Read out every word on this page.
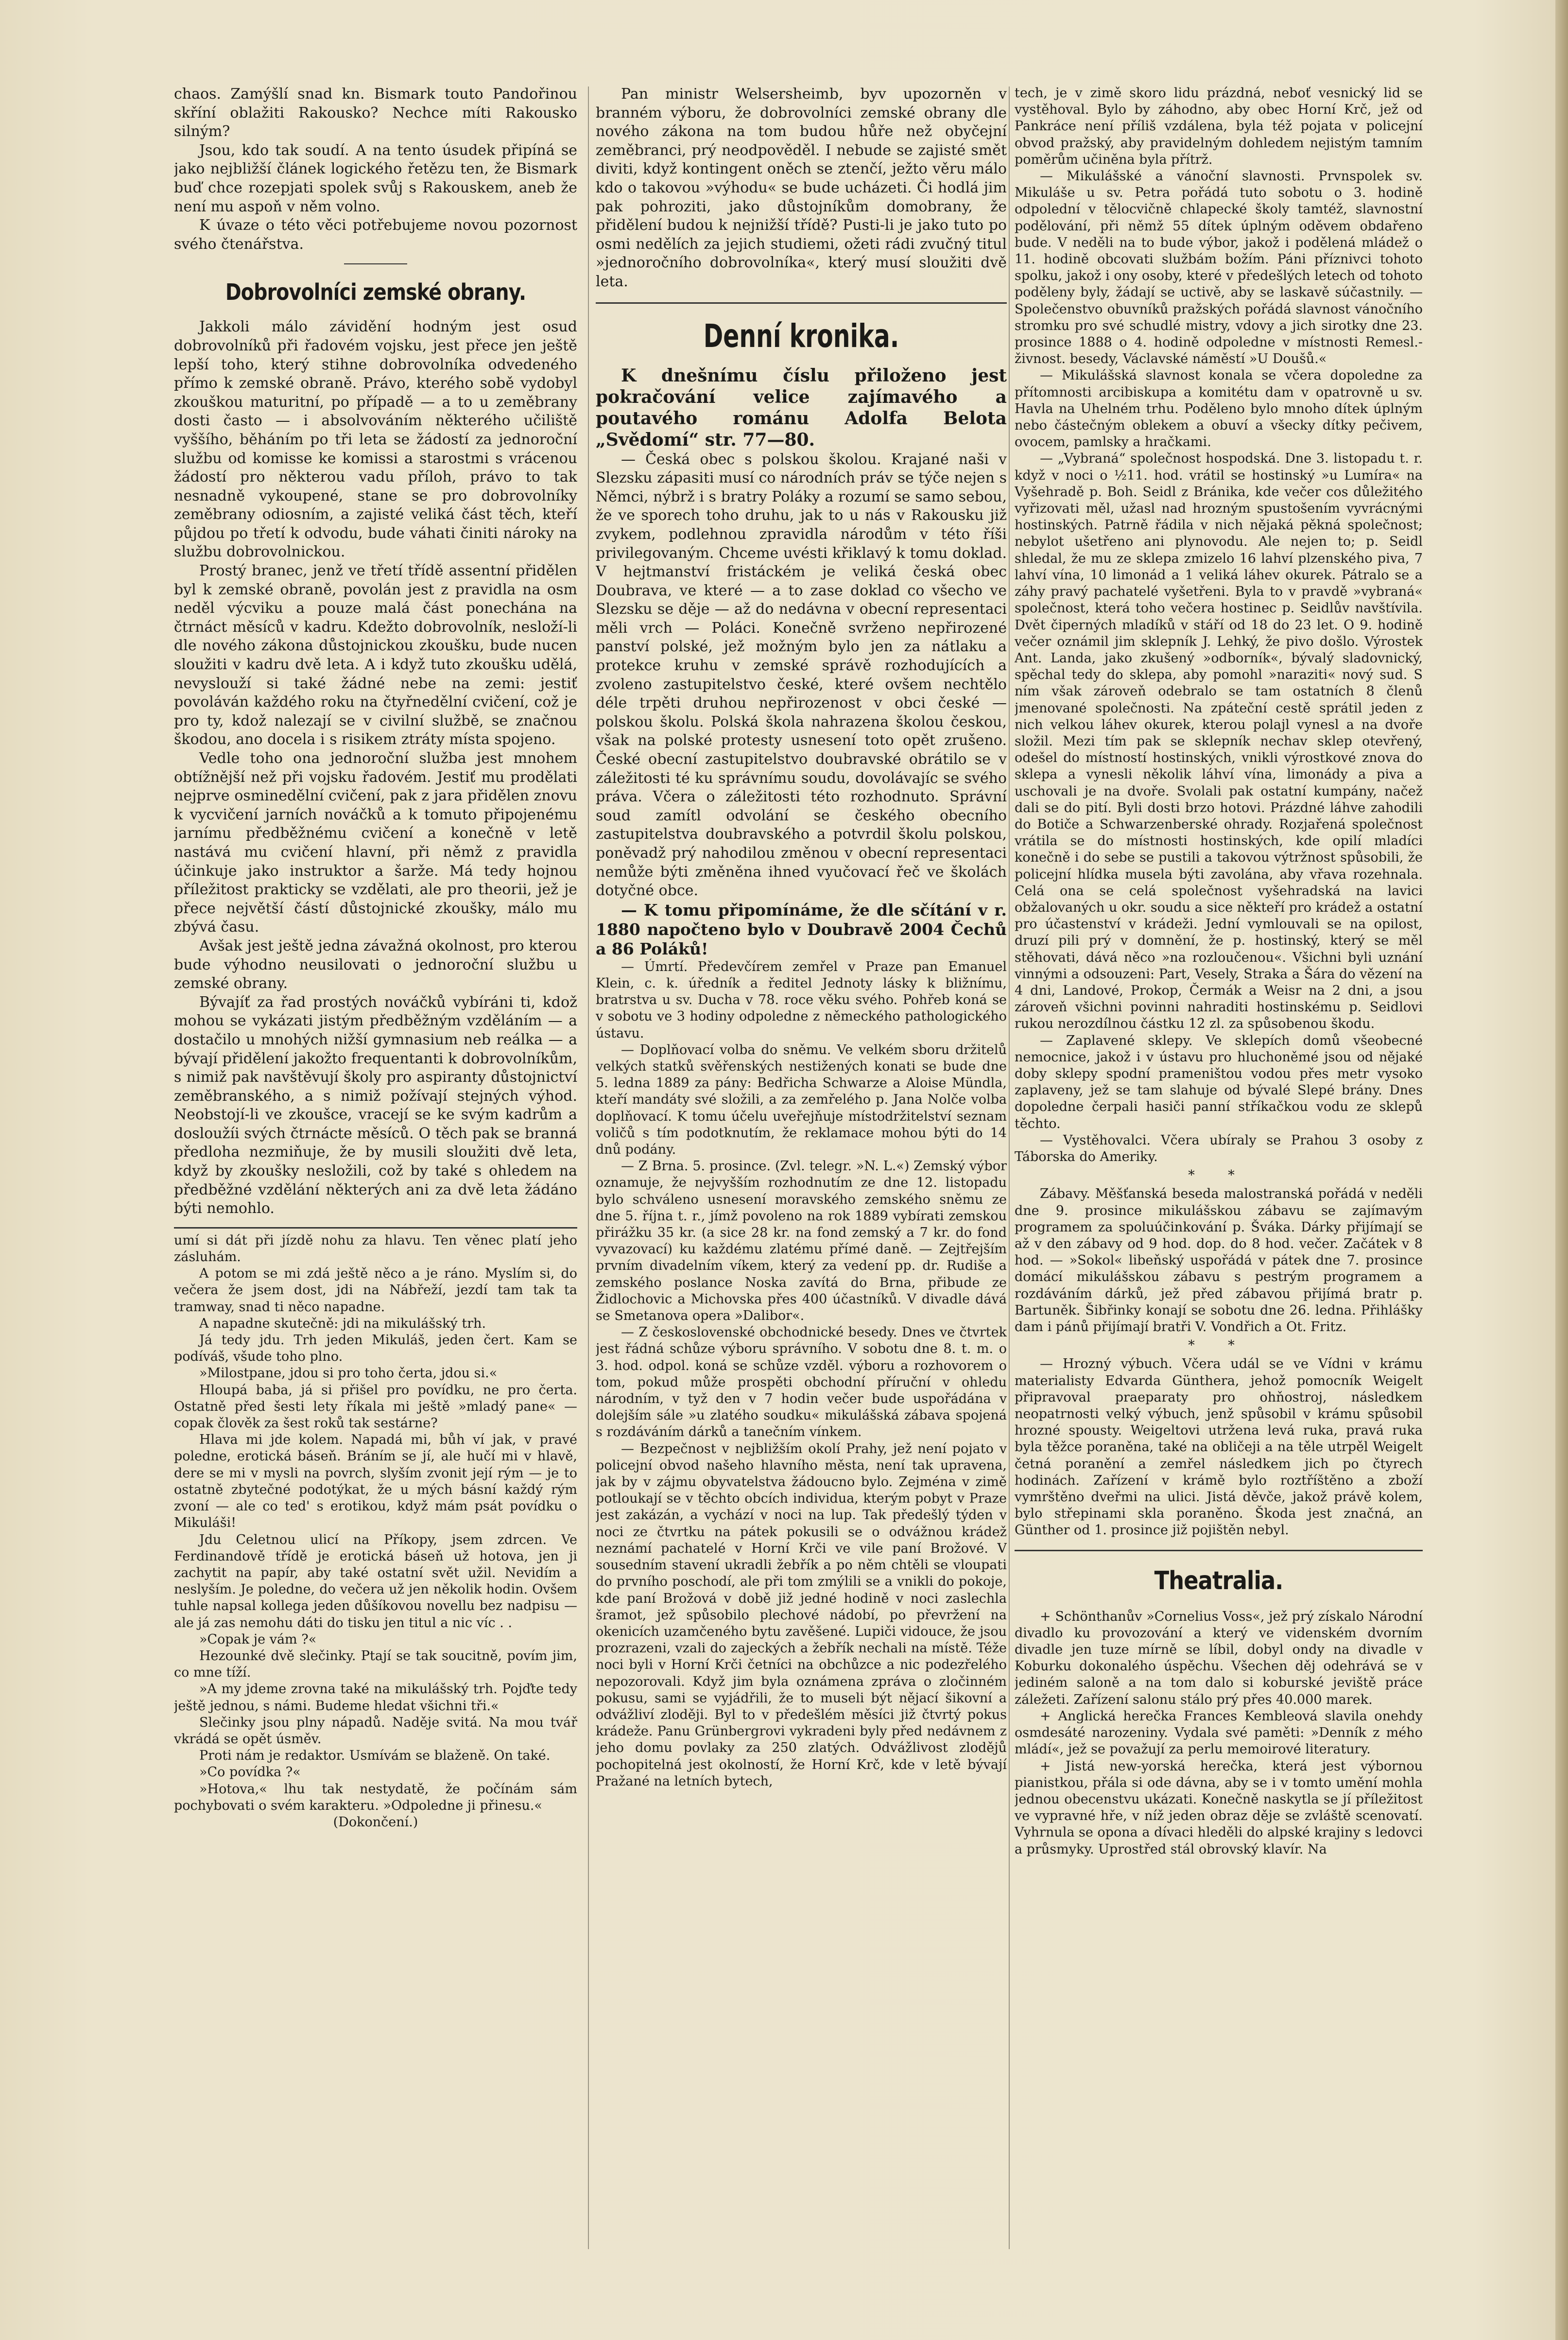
chaos. Zamýšlí snad kn. Bismark touto Pandořinou skříní oblažiti Rakousko? Nechce míti Rakousko silným?

Jsou, kdo tak soudí. A na tento úsudek připíná se jako nejbližší článek logického řetězu ten, že Bismark buď chce rozepjati spolek svůj s Rakouskem, aneb že není mu aspoň v něm volno.

K úvaze o této věci potřebujeme novou pozornost svého čtenářstva.

Dobrovolníci zemské obrany.

Jakkoli málo závidění hodným jest osud dobrovolníků při řadovém vojsku, jest přece jen ještě lepší toho, který stihne dobrovolníka odvedeného přímo k zemské obraně. Právo, kterého sobě vydobyl zkouškou maturitní, po případě — a to u zeměbrany dosti často — i absolvováním některého učiliště vyššího, běháním po tři leta se žádostí za jednoroční službu od komisse ke komissi a starostmi s vrácenou žádostí pro některou vadu příloh, právo to tak nesnadně vykoupené, stane se pro dobrovolníky zeměbrany odiosním, a zajisté veliká část těch, kteří půjdou po třetí k odvodu, bude váhati činiti nároky na službu dobrovolnickou.

Prostý branec, jenž ve třetí třídě assentní přidělen byl k zemské obraně, povolán jest z pravidla na osm neděl výcviku a pouze malá část ponechána na čtrnáct měsíců v kadru. Kdežto dobrovolník, nesloží-li dle nového zákona důstojnickou zkoušku, bude nucen sloužiti v kadru dvě leta. A i když tuto zkoušku udělá, nevyslouží si také žádné nebe na zemi: jestiť povoláván každého roku na čtyřnedělní cvičení, což je pro ty, kdož nalezají se v civilní službě, se značnou škodou, ano docela i s risikem ztráty místa spojeno.

Vedle toho ona jednoroční služba jest mnohem obtížnější než při vojsku řadovém. Jestiť mu prodělati nejprve osminedělní cvičení, pak z jara přidělen znovu k vycvičení jarních nováčků a k tomuto připojenému jarnímu předběžnému cvičení a konečně v letě nastává mu cvičení hlavní, při němž z pravidla účinkuje jako instruktor a šarže. Má tedy hojnou příležitost prakticky se vzdělati, ale pro theorii, jež je přece největší částí důstojnické zkoušky, málo mu zbývá času.

Avšak jest ještě jedna závažná okolnost, pro kterou bude výhodno neusilovati o jednoroční službu u zemské obrany.

Bývajíť za řad prostých nováčků vybíráni ti, kdož mohou se vykázati jistým předběžným vzděláním — a dostačilo u mnohých nižší gymnasium neb reálka — a bývají přidělení jakožto frequentanti k dobrovolníkům, s nimiž pak navštěvují školy pro aspiranty důstojnictví zeměbranského, a s nimiž požívají stejných výhod. Neobstojí-li ve zkoušce, vracejí se ke svým kadrům a dosloužíi svých čtrnácte měsíců. O těch pak se branná předloha nezmiňuje, že by musili sloužiti dvě leta, když by zkoušky nesložili, což by také s ohledem na předběžné vzdělání některých ani za dvě leta žádáno býti nemohlo.

umí si dát při jízdě nohu za hlavu. Ten věnec platí jeho zásluhám.

A potom se mi zdá ještě něco a je ráno. Myslím si, do večera že jsem dost, jdi na Nábřeží, jezdí tam tak ta tramway, snad ti něco napadne.

A napadne skutečně: jdi na mikulášský trh.

Já tedy jdu. Trh jeden Mikuláš, jeden čert. Kam se podíváš, všude toho plno.

»Milostpane, jdou si pro toho čerta, jdou si.«

Hloupá baba, já si přišel pro povídku, ne pro čerta. Ostatně před šesti lety říkala mi ještě »mladý pane« — copak člověk za šest roků tak sestárne?

Hlava mi jde kolem. Napadá mi, bůh ví jak, v pravé poledne, erotická báseň. Bráním se jí, ale hučí mi v hlavě, dere se mi v mysli na povrch, slyším zvonit její rým — je to ostatně zbytečné podotýkat, že u mých básní každý rým zvoní — ale co ted' s erotikou, když mám psát povídku o Mikuláši!

Jdu Celetnou ulicí na Příkopy, jsem zdrcen. Ve Ferdinandově třídě je erotická báseň už hotova, jen ji zachytit na papír, aby také ostatní svět užil. Nevidím a neslyším. Je poledne, do večera už jen několik hodin. Ovšem tuhle napsal kollega jeden důšíkovou novellu bez nadpisu — ale já zas nemohu dáti do tisku jen titul a nic víc . .

»Copak je vám ?«

Hezounké dvě slečinky. Ptají se tak soucitně, povím jim, co mne tíží.

»A my jdeme zrovna také na mikulášský trh. Pojďte tedy ještě jednou, s námi. Budeme hledat všichni tři.«

Slečinky jsou plny nápadů. Naděje svitá. Na mou tvář vkrádá se opět úsměv.

Proti nám je redaktor. Usmívám se blaženě. On také.

»Co povídka ?«

»Hotova,« lhu tak nestydatě, že počínám sám pochybovati o svém karakteru. »Odpoledne ji přinesu.«

(Dokončení.)

Pan ministr Welsersheimb, byv upozorněn v branném výboru, že dobrovolníci zemské obrany dle nového zákona na tom budou hůře než obyčejní zeměbranci, prý neodpověděl. I nebude se zajisté smět diviti, když kontingent oněch se ztenčí, ježto věru málo kdo o takovou »výhodu« se bude ucházeti. Či hodlá jim pak pohroziti, jako důstojníkům domobrany, že přidělení budou k nejnižší třídě? Pusti-li je jako tuto po osmi nedělích za jejich studiemi, ožeti rádi zvučný titul »jednoročního dobrovolníka«, který musí sloužiti dvě leta.

Denní kronika.

K dnešnímu číslu přiloženo jest pokračování velice zajímavého a poutavého románu Adolfa Belota „Svědomí“ str. 77—80.

— Česká obec s polskou školou. Krajané naši v Slezsku zápasiti musí co národních práv se týče nejen s Němci, nýbrž i s bratry Poláky a rozumí se samo sebou, že ve sporech toho druhu, jak to u nás v Rakousku již zvykem, podlehnou zpravidla národům v této říši privilegovaným. Chceme uvésti křiklavý k tomu doklad. V hejtmanství fristáckém je veliká česká obec Doubrava, ve které — a to zase doklad co všecho ve Slezsku se děje — až do nedávna v obecní representaci měli vrch — Poláci. Konečně svrženo nepřirozené panství polské, jež možným bylo jen za nátlaku a protekce kruhu v zemské správě rozhodujících a zvoleno zastupitelstvo české, které ovšem nechtělo déle trpěti druhou nepřirozenost v obci české — polskou školu. Polská škola nahrazena školou českou, však na polské protesty usnesení toto opět zrušeno. České obecní zastupitelstvo doubravské obrátilo se v záležitosti té ku správnímu soudu, dovolávajíc se svého práva. Včera o záležitosti této rozhodnuto. Správní soud zamítl odvolání se českého obecního zastupitelstva doubravského a potvrdil školu polskou, poněvadž prý nahodilou změnou v obecní representaci nemůže býti změněna ihned vyučovací řeč ve školách dotyčné obce.

— K tomu připomínáme, že dle sčítání v r. 1880 napočteno bylo v Doubravě 2004 Čechů a 86 Poláků!

— Úmrtí. Předevčírem zemřel v Praze pan Emanuel Klein, c. k. úředník a ředitel Jednoty lásky k bližnímu, bratrstva u sv. Ducha v 78. roce věku svého. Pohřeb koná se v sobotu ve 3 hodiny odpoledne z německého pathologického ústavu.

— Doplňovací volba do sněmu. Ve velkém sboru držitelů velkých statků svěřenských nestižených konati se bude dne 5. ledna 1889 za pány: Bedřicha Schwarze a Aloise Mündla, kteří mandáty své složili, a za zemřelého p. Jana Nolče volba doplňovací. K tomu účelu uveřejňuje místodržitelství seznam voličů s tím podotknutím, že reklamace mohou býti do 14 dnů podány.

— Z Brna. 5. prosince. (Zvl. telegr. »N. L.«) Zemský výbor oznamuje, že nejvyšším rozhodnutím ze dne 12. listopadu bylo schváleno usnesení moravského zemského sněmu ze dne 5. října t. r., jímž povoleno na rok 1889 vybírati zemskou přirážku 35 kr. (a sice 28 kr. na fond zemský a 7 kr. do fond vyvazovací) ku každému zlatému přímé daně. — Zejtřejším prvním divadelním víkem, který za vedení pp. dr. Rudiše a zemského poslance Noska zavítá do Brna, přibude ze Židlochovic a Michovska přes 400 účastníků. V divadle dává se Smetanova opera »Dalibor«.

— Z československé obchodnické besedy. Dnes ve čtvrtek jest řádná schůze výboru správního. V sobotu dne 8. t. m. o 3. hod. odpol. koná se schůze vzděl. výboru a rozhovorem o tom, pokud může prospěti obchodní příruční v ohledu národním, v tyž den v 7 hodin večer bude uspořádána v dolejším sále »u zlatého soudku« mikulášská zábava spojená s rozdáváním dárků a tanečním vínkem.

— Bezpečnost v nejbližším okolí Prahy, jež není pojato v policejní obvod našeho hlavního města, není tak upravena, jak by v zájmu obyvatelstva žádoucno bylo. Zejména v zimě potloukají se v těchto obcích individua, kterým pobyt v Praze jest zakázán, a vychází v noci na lup. Tak předešlý týden v noci ze čtvrtku na pátek pokusili se o odvážnou krádež neznámí pachatelé v Horní Krči ve vile paní Brožové. V sousedním stavení ukradli žebřík a po něm chtěli se vloupati do prvního poschodí, ale při tom zmýlili se a vnikli do pokoje, kde paní Brožová v době již jedné hodině v noci zaslechla šramot, jež spůsobilo plechové nádobí, po převržení na okenicích uzamčeného bytu zavěšené. Lupiči vidouce, že jsou prozrazeni, vzali do zajeckých a žebřík nechali na místě. Téže noci byli v Horní Krči četníci na obchůzce a nic podezřelého nepozorovali. Když jim byla oznámena zpráva o zločinném pokusu, sami se vyjádřili, že to museli být nějací šikovní a odvážliví zloději. Byl to v předešlém měsíci již čtvrtý pokus krádeže. Panu Grünbergrovi vykradeni byly před nedávnem z jeho domu povlaky za 250 zlatých. Odvážlivost zlodějů pochopitelná jest okolností, že Horní Krč, kde v letě bývají Pražané na letních bytech,

tech, je v zimě skoro lidu prázdná, neboť vesnický lid se vystěhoval. Bylo by záhodno, aby obec Horní Krč, jež od Pankráce není příliš vzdálena, byla též pojata v policejní obvod pražský, aby pravidelným dohledem nejistým tamním poměrům učiněna byla přítrž.

— Mikulášské a vánoční slavnosti. Prvnspolek sv. Mikuláše u sv. Petra pořádá tuto sobotu o 3. hodině odpolední v tělocvičně chlapecké školy tamtéž, slavnostní podělování, při němž 55 dítek úplným oděvem obdařeno bude. V neděli na to bude výbor, jakož i podělená mládež o 11. hodině obcovati službám božím. Páni příznivci tohoto spolku, jakož i ony osoby, které v předešlých letech od tohoto poděleny byly, žádají se uctivě, aby se laskavě súčastnily. — Společenstvo obuvníků pražských pořádá slavnost vánočního stromku pro své schudlé mistry, vdovy a jich sirotky dne 23. prosince 1888 o 4. hodině odpoledne v místnosti Remesl.-živnost. besedy, Václavské náměstí »U Doušů.«

— Mikulášská slavnost konala se včera dopoledne za přítomnosti arcibiskupa a komitétu dam v opatrovně u sv. Havla na Uhelném trhu. Poděleno bylo mnoho dítek úplným nebo částečným oblekem a obuví a všecky dítky pečivem, ovocem, pamlsky a hračkami.

— „Vybraná“ společnost hospodská. Dne 3. listopadu t. r. když v noci o ½11. hod. vrátil se hostinský »u Lumíra« na Vyšehradě p. Boh. Seidl z Bránika, kde večer cos důležitého vyřizovati měl, užasl nad hrozným spustošením vyvrácnými hostinských. Patrně řádila v nich nějaká pěkná společnost; nebylot ušetřeno ani plynovodu. Ale nejen to; p. Seidl shledal, že mu ze sklepa zmizelo 16 lahví plzenského piva, 7 lahví vína, 10 limonád a 1 veliká láhev okurek. Pátralo se a záhy pravý pachatelé vyšetřeni. Byla to v pravdě »vybraná« společnost, která toho večera hostinec p. Seidlův navštívila. Dvět čiperných mladíků v stáří od 18 do 23 let. O 9. hodině večer oznámil jim sklepník J. Lehký, že pivo došlo. Výrostek Ant. Landa, jako zkušený »odborník«, bývalý sladovnický, spěchal tedy do sklepa, aby pomohl »naraziti« nový sud. S ním však zároveň odebralo se tam ostatních 8 členů jmenované společnosti. Na zpáteční cestě sprátil jeden z nich velkou láhev okurek, kterou polajl vynesl a na dvoře složil. Mezi tím pak se sklepník nechav sklep otevřený, odešel do místností hostinských, vnikli výrostkové znova do sklepa a vynesli několik láhví vína, limonády a piva a uschovali je na dvoře. Svolali pak ostatní kumpány, načež dali se do pití. Byli dosti brzo hotovi. Prázdné láhve zahodili do Botiče a Schwarzenberské ohrady. Rozjařená společnost vrátila se do místnosti hostinských, kde opilí mladíci konečně i do sebe se pustili a takovou výtržnost spůsobili, že policejní hlídka musela býti zavolána, aby vřava rozehnala. Celá ona se celá společnost vyšehradská na lavici obžalovaných u okr. soudu a sice někteří pro krádež a ostatní pro účastenství v krádeži. Jední vymlouvali se na opilost, druzí pili prý v domnění, že p. hostinský, který se měl stěhovati, dává něco »na rozloučenou«. Všichni byli uznání vinnými a odsouzeni: Part, Vesely, Straka a Šára do vězení na 4 dni, Landové, Prokop, Čermák a Weisr na 2 dni, a jsou zároveň všichni povinni nahraditi hostinskému p. Seidlovi rukou nerozdílnou částku 12 zl. za spůsobenou škodu.

— Zaplavené sklepy. Ve sklepích domů všeobecné nemocnice, jakož i v ústavu pro hluchoněmé jsou od nějaké doby sklepy spodní prameništou vodou přes metr vysoko zaplaveny, jež se tam slahuje od bývalé Slepé brány. Dnes dopoledne čerpali hasiči panní stříkačkou vodu ze sklepů těchto.

— Vystěhovalci. Včera ubíraly se Prahou 3 osoby z Táborska do Ameriky.

* *

Zábavy. Měšťanská beseda malostranská pořádá v neděli dne 9. prosince mikulášskou zábavu se zajímavým programem za spoluúčinkování p. Šváka. Dárky přijímají se až v den zábavy od 9 hod. dop. do 8 hod. večer. Začátek v 8 hod. — »Sokol« libeňský uspořádá v pátek dne 7. prosince domácí mikulášskou zábavu s pestrým programem a rozdáváním dárků, jež před zábavou přijímá bratr p. Bartuněk. Šibřinky konají se sobotu dne 26. ledna. Přihlášky dam i pánů přijímají bratři V. Vondřich a Ot. Fritz.

* *

— Hrozný výbuch. Včera udál se ve Vídni v krámu materialisty Edvarda Günthera, jehož pomocník Weigelt připravoval praeparaty pro ohňostroj, následkem neopatrnosti velký výbuch, jenž spůsobil v krámu spůsobil hrozné spousty. Weigeltovi utržena levá ruka, pravá ruka byla těžce poraněna, také na obličeji a na těle utrpěl Weigelt četná poranění a zemřel následkem jich po čtyrech hodinách. Zařízení v krámě bylo roztříštěno a zboží vymrštěno dveřmi na ulici. Jistá děvče, jakož právě kolem, bylo střepinami skla poraněno. Škoda jest značná, an Günther od 1. prosince již pojištěn nebyl.

Theatralia.

+ Schönthanův »Cornelius Voss«, jež prý získalo Národní divadlo ku provozování a který ve videnském dvorním divadle jen tuze mírně se líbil, dobyl ondy na divadle v Koburku dokonalého úspěchu. Všechen děj odehrává se v jediném saloně a na tom dalo si koburské jeviště práce záležeti. Zařízení salonu stálo prý přes 40.000 marek.

+ Anglická herečka Frances Kembleová slavila onehdy osmdesáté narozeniny. Vydala své paměti: »Denník z mého mládí«, jež se považují za perlu memoirové literatury.

+ Jistá new-yorská herečka, která jest výbornou pianistkou, přála si ode dávna, aby se i v tomto umění mohla jednou obecenstvu ukázati. Konečně naskytla se jí příležitost ve vypravné hře, v níž jeden obraz děje se zvláště scenovatí. Vyhrnula se opona a dívaci hleděli do alpské krajiny s ledovci a průsmyky. Uprostřed stál obrovský klavír. Na
